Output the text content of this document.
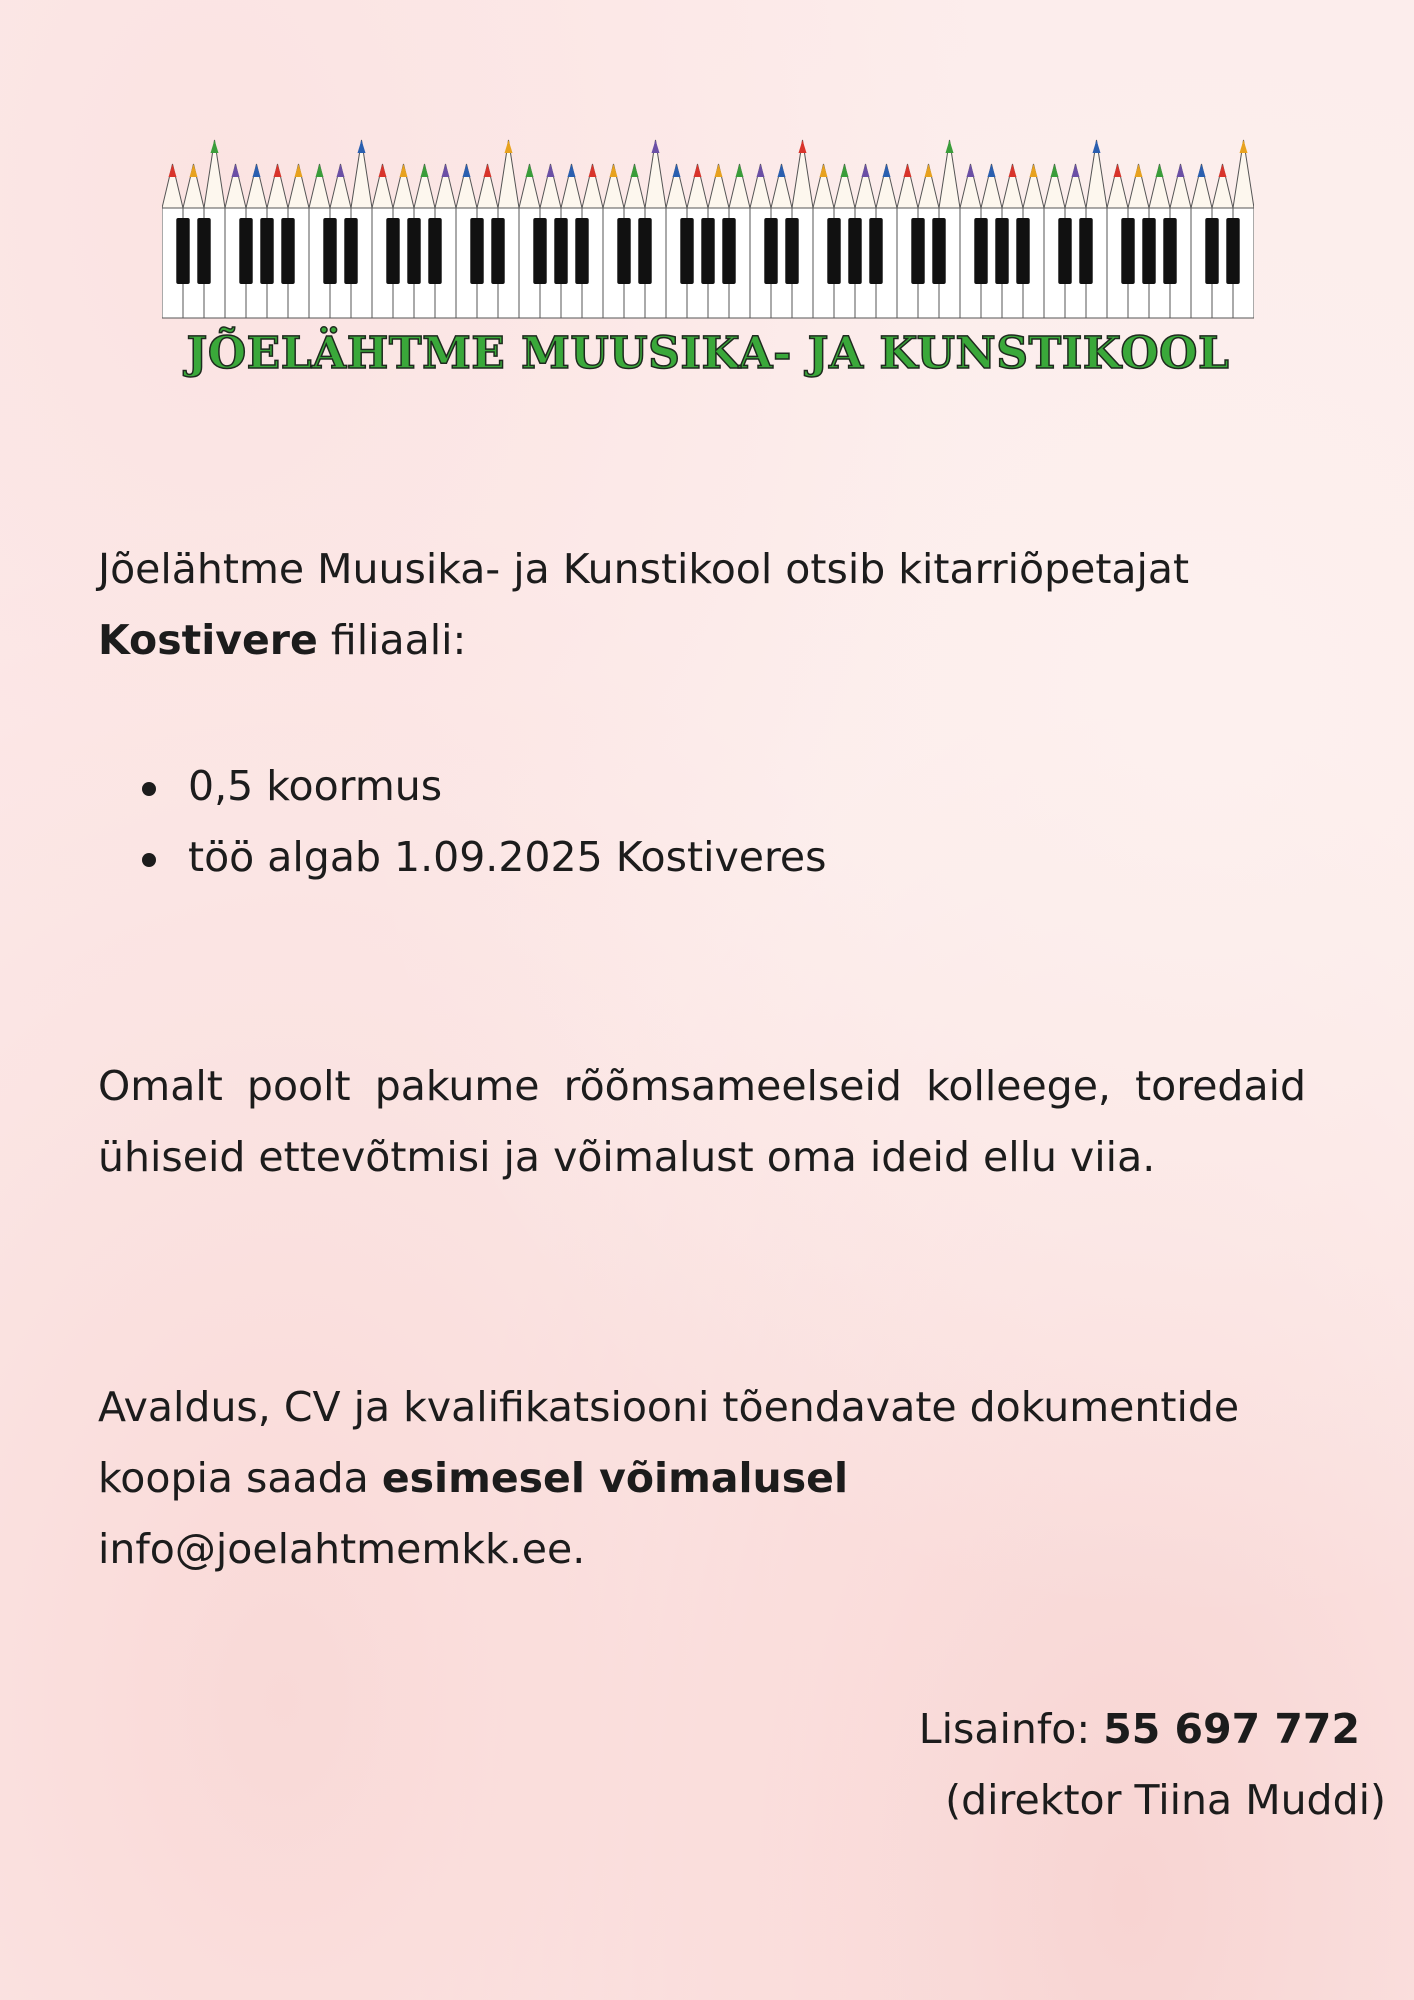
JÕELÄHTME MUUSIKA- JA KUNSTIKOOL
Jõelähtme Muusika- ja Kunstikool otsib kitarriõpetajat Kostivere filiaali:
0,5 koormus
töö algab 1.09.2025 Kostiveres
Omalt poolt pakume rõõmsameelseid kolleege, toredaid ühiseid ettevõtmisi ja võimalust oma ideid ellu viia.
Avaldus, CV ja kvalifikatsiooni tõendavate dokumentide koopia saada esimesel võimalusel
info@joelahtmemkk.ee.
Lisainfo: 55 697 772
(direktor Tiina Muddi)
